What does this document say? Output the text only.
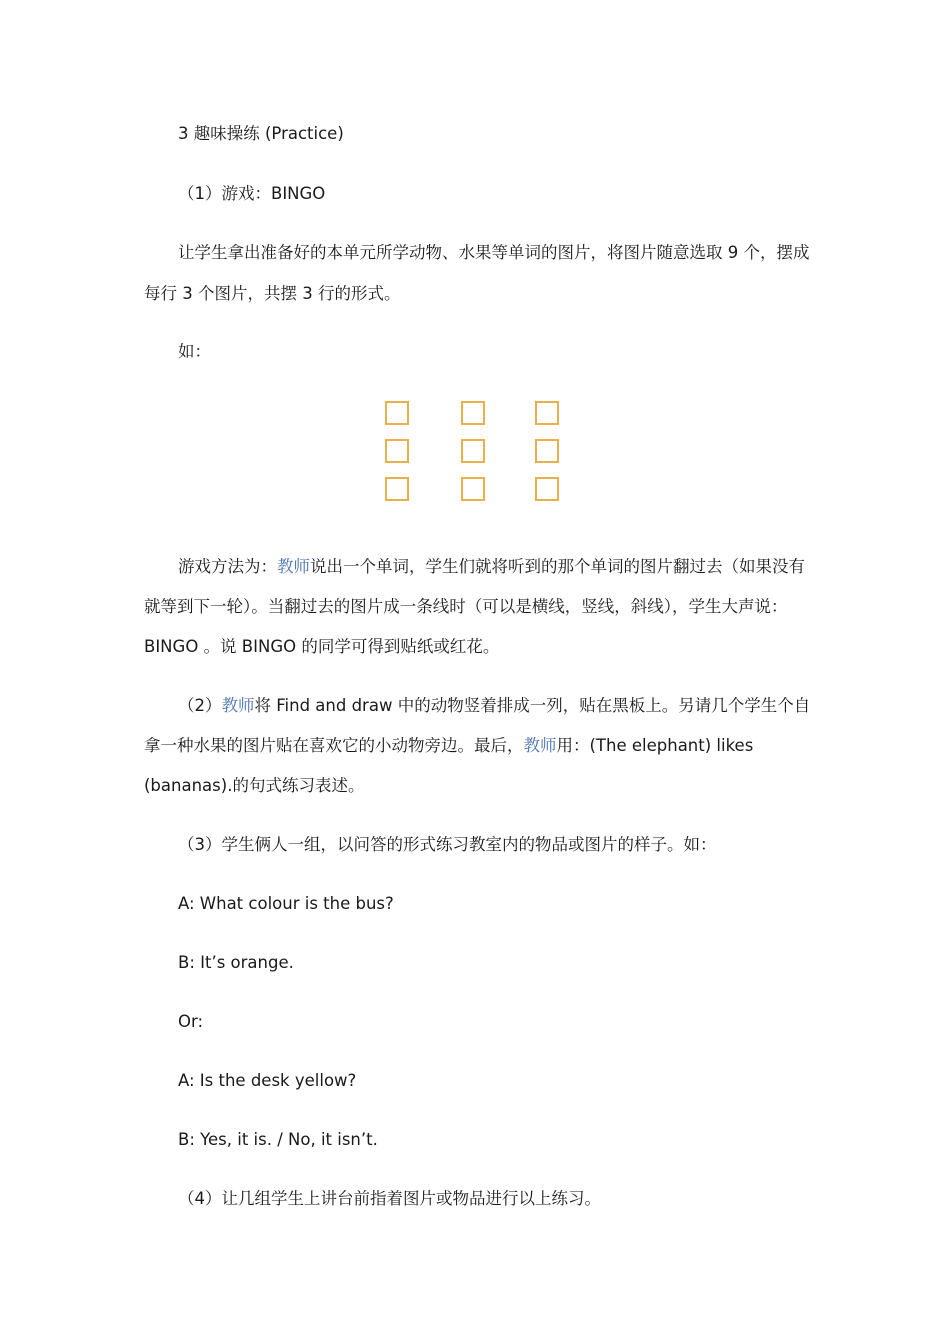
3 趣味操练 (Practice)
（1）游戏：BINGO
让学生拿出准备好的本单元所学动物、水果等单词的图片，将图片随意选取 9 个，摆成
每行 3 个图片，共摆 3 行的形式。
如：
游戏方法为：教师说出一个单词，学生们就将听到的那个单词的图片翻过去（如果没有
就等到下一轮）。当翻过去的图片成一条线时（可以是横线，竖线，斜线），学生大声说：
BINGO 。说 BINGO 的同学可得到贴纸或红花。
（2）教师将 Find and draw 中的动物竖着排成一列，贴在黑板上。另请几个学生个自
拿一种水果的图片贴在喜欢它的小动物旁边。最后，教师用：(The elephant) likes
(bananas).的句式练习表述。
（3）学生俩人一组，以问答的形式练习教室内的物品或图片的样子。如：
A: What colour is the bus?
B: It’s orange.
Or:
A: Is the desk yellow?
B: Yes, it is. / No, it isn’t.
（4）让几组学生上讲台前指着图片或物品进行以上练习。
